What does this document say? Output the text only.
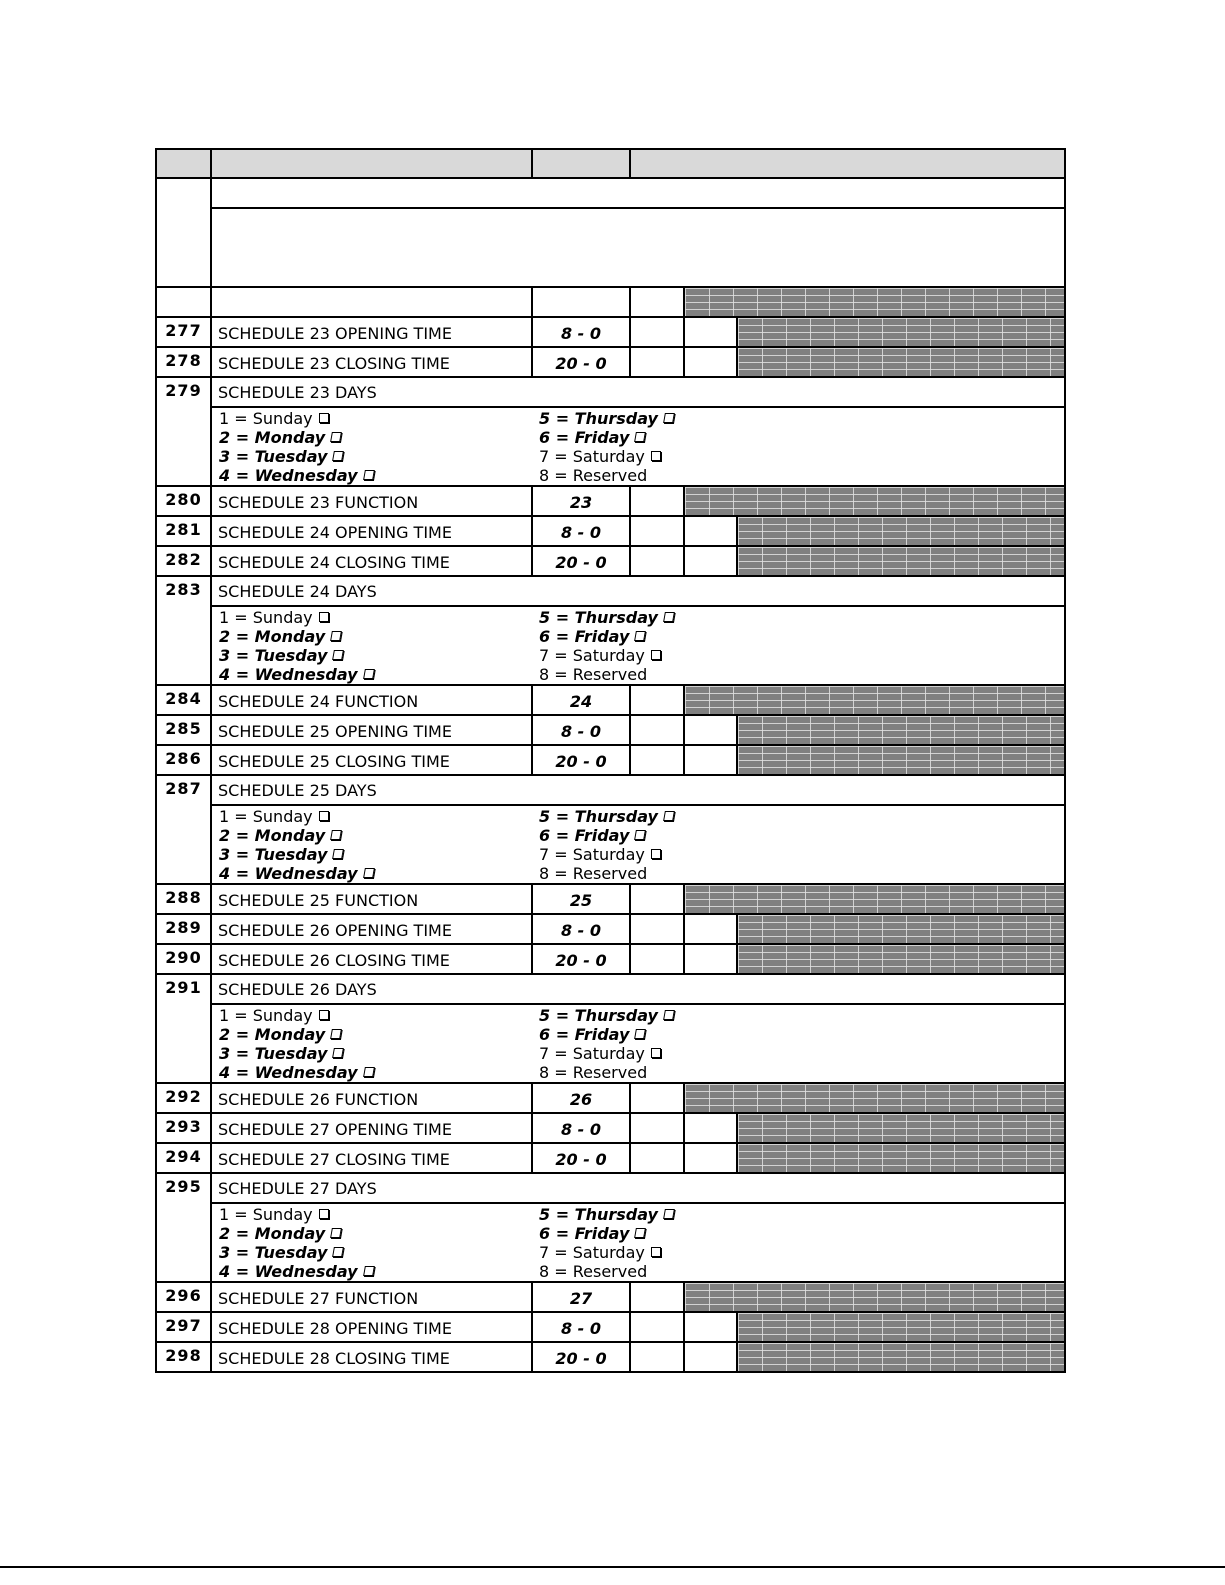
277	SCHEDULE 23 OPENING TIME	8 - 0
278	SCHEDULE 23 CLOSING TIME	20 - 0
279	SCHEDULE 23 DAYS
1 = Sunday
2 = Monday
3 = Tuesday
4 = Wednesday
5 = Thursday
6 = Friday
7 = Saturday
8 = Reserved
280	SCHEDULE 23 FUNCTION	23
281	SCHEDULE 24 OPENING TIME	8 - 0
282	SCHEDULE 24 CLOSING TIME	20 - 0
283	SCHEDULE 24 DAYS
1 = Sunday
2 = Monday
3 = Tuesday
4 = Wednesday
5 = Thursday
6 = Friday
7 = Saturday
8 = Reserved
284	SCHEDULE 24 FUNCTION	24
285	SCHEDULE 25 OPENING TIME	8 - 0
286	SCHEDULE 25 CLOSING TIME	20 - 0
287	SCHEDULE 25 DAYS
1 = Sunday
2 = Monday
3 = Tuesday
4 = Wednesday
5 = Thursday
6 = Friday
7 = Saturday
8 = Reserved
288	SCHEDULE 25 FUNCTION	25
289	SCHEDULE 26 OPENING TIME	8 - 0
290	SCHEDULE 26 CLOSING TIME	20 - 0
291	SCHEDULE 26 DAYS
1 = Sunday
2 = Monday
3 = Tuesday
4 = Wednesday
5 = Thursday
6 = Friday
7 = Saturday
8 = Reserved
292	SCHEDULE 26 FUNCTION	26
293	SCHEDULE 27 OPENING TIME	8 - 0
294	SCHEDULE 27 CLOSING TIME	20 - 0
295	SCHEDULE 27 DAYS
1 = Sunday
2 = Monday
3 = Tuesday
4 = Wednesday
5 = Thursday
6 = Friday
7 = Saturday
8 = Reserved
296	SCHEDULE 27 FUNCTION	27
297	SCHEDULE 28 OPENING TIME	8 - 0
298	SCHEDULE 28 CLOSING TIME	20 - 0
